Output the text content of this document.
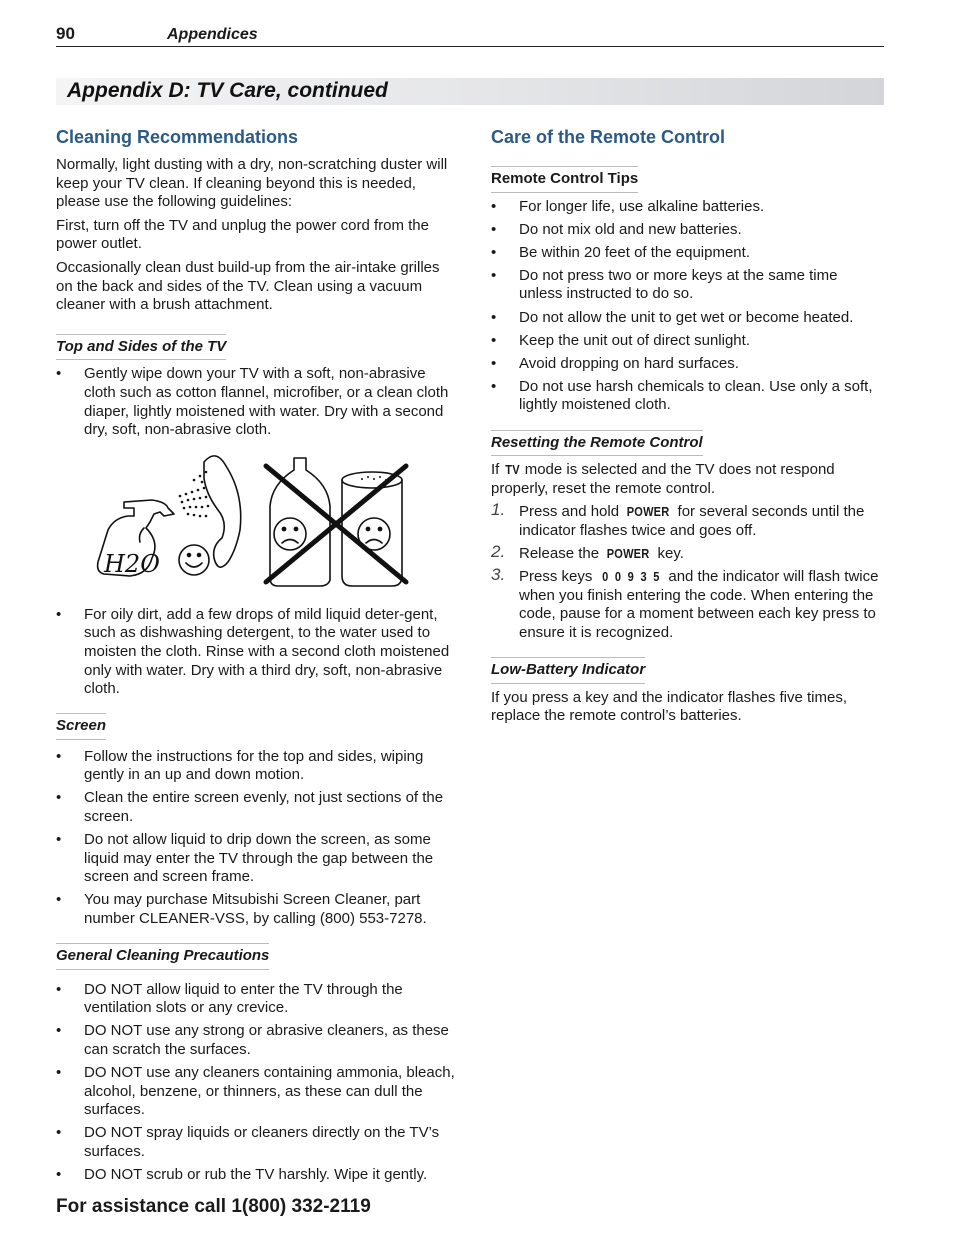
90	Appendices
Appendix D: TV Care, continued
Cleaning Recommendations

Normally, light dusting with a dry, non-scratching duster will keep your TV clean. If cleaning beyond this is needed, please use the following guidelines:

First, turn off the TV and unplug the power cord from the power outlet.

Occasionally clean dust build-up from the air-intake grilles on the back and sides of the TV. Clean using a vacuum cleaner with a brush attachment.

Top and Sides of the TV
• Gently wipe down your TV with a soft, non-abrasive cloth such as cotton flannel, microfiber, or a clean cloth diaper, lightly moistened with water. Dry with a second dry, soft, non-abrasive cloth.
H2O
• For oily dirt, add a few drops of mild liquid deter-gent, such as dishwashing detergent, to the water used to moisten the cloth. Rinse with a second cloth moistened only with water. Dry with a third dry, soft, non-abrasive cloth.
Screen
• Follow the instructions for the top and sides, wiping gently in an up and down motion.
• Clean the entire screen evenly, not just sections of the screen.
• Do not allow liquid to drip down the screen, as some liquid may enter the TV through the gap between the screen and screen frame.
• You may purchase Mitsubishi Screen Cleaner, part number CLEANER-VSS, by calling (800) 553-7278.
General Cleaning Precautions
• DO NOT allow liquid to enter the TV through the ventilation slots or any crevice.
• DO NOT use any strong or abrasive cleaners, as these can scratch the surfaces.
• DO NOT use any cleaners containing ammonia, bleach, alcohol, benzene, or thinners, as these can dull the surfaces.
• DO NOT spray liquids or cleaners directly on the TV’s surfaces.
• DO NOT scrub or rub the TV harshly. Wipe it gently.
Care of the Remote Control
Remote Control Tips
• For longer life, use alkaline batteries.
• Do not mix old and new batteries.
• Be within 20 feet of the equipment.
• Do not press two or more keys at the same time unless instructed to do so.
• Do not allow the unit to get wet or become heated.
• Keep the unit out of direct sunlight.
• Avoid dropping on hard surfaces.
• Do not use harsh chemicals to clean. Use only a soft, lightly moistened cloth.
Resetting the Remote Control

If TV mode is selected and the TV does not respond properly, reset the remote control.

1. Press and hold POWER for several seconds until the indicator flashes twice and goes off.
2. Release the POWER key.
3. Press keys 0  0  9  3  5 and the indicator will flash twice when you finish entering the code. When entering the code, pause for a moment between each key press to ensure it is recognized.
Low-Battery Indicator

If you press a key and the indicator flashes five times, replace the remote control’s batteries.

For assistance call 1(800) 332-2119
